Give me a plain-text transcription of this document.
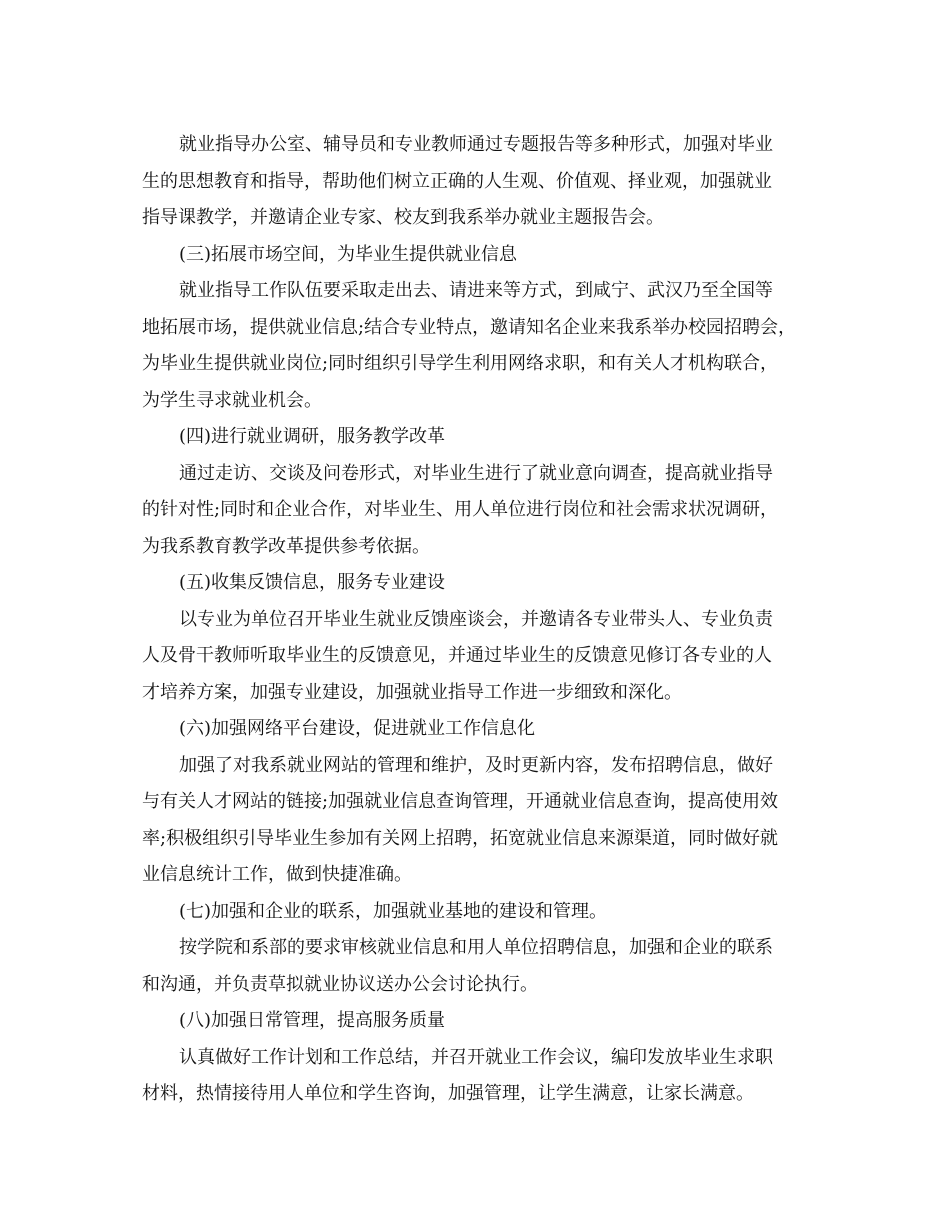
就业指导办公室、辅导员和专业教师通过专题报告等多种形式，加强对毕业
生的思想教育和指导，帮助他们树立正确的人生观、价值观、择业观，加强就业
指导课教学，并邀请企业专家、校友到我系举办就业主题报告会。
(三)拓展市场空间，为毕业生提供就业信息
就业指导工作队伍要采取走出去、请进来等方式，到咸宁、武汉乃至全国等
地拓展市场，提供就业信息;结合专业特点，邀请知名企业来我系举办校园招聘会，
为毕业生提供就业岗位;同时组织引导学生利用网络求职，和有关人才机构联合，
为学生寻求就业机会。
(四)进行就业调研，服务教学改革
通过走访、交谈及问卷形式，对毕业生进行了就业意向调查，提高就业指导
的针对性;同时和企业合作，对毕业生、用人单位进行岗位和社会需求状况调研，
为我系教育教学改革提供参考依据。
(五)收集反馈信息，服务专业建设
以专业为单位召开毕业生就业反馈座谈会，并邀请各专业带头人、专业负责
人及骨干教师听取毕业生的反馈意见，并通过毕业生的反馈意见修订各专业的人
才培养方案，加强专业建设，加强就业指导工作进一步细致和深化。
(六)加强网络平台建设，促进就业工作信息化
加强了对我系就业网站的管理和维护，及时更新内容，发布招聘信息，做好
与有关人才网站的链接;加强就业信息查询管理，开通就业信息查询，提高使用效
率;积极组织引导毕业生参加有关网上招聘，拓宽就业信息来源渠道，同时做好就
业信息统计工作，做到快捷准确。
(七)加强和企业的联系，加强就业基地的建设和管理。
按学院和系部的要求审核就业信息和用人单位招聘信息，加强和企业的联系
和沟通，并负责草拟就业协议送办公会讨论执行。
(八)加强日常管理，提高服务质量
认真做好工作计划和工作总结，并召开就业工作会议，编印发放毕业生求职
材料，热情接待用人单位和学生咨询，加强管理，让学生满意，让家长满意。
